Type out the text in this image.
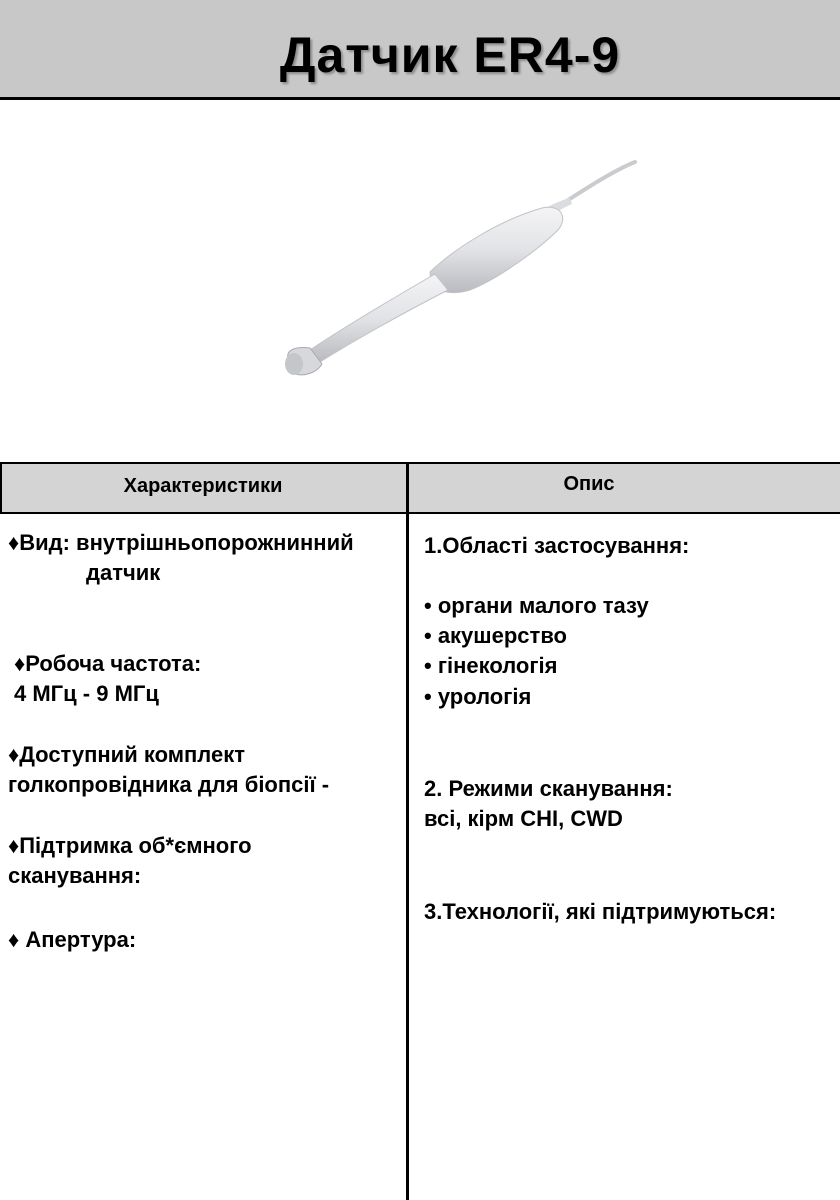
Датчик ER4-9
Характеристики	Опис
♦Вид: внутрішньопорожнинний
датчик
♦Робоча частота:
4 МГц - 9 МГц
♦Доступний комплект
голкопровідника для біопсії -
♦Підтримка об*ємного
сканування:
♦ Апертура:
1.Області застосування:
• органи малого тазу
• акушерство
• гінекологія
• урологія
2. Режими сканування:
всі, кірм CHI, CWD
3.Технології, які підтримуються:
